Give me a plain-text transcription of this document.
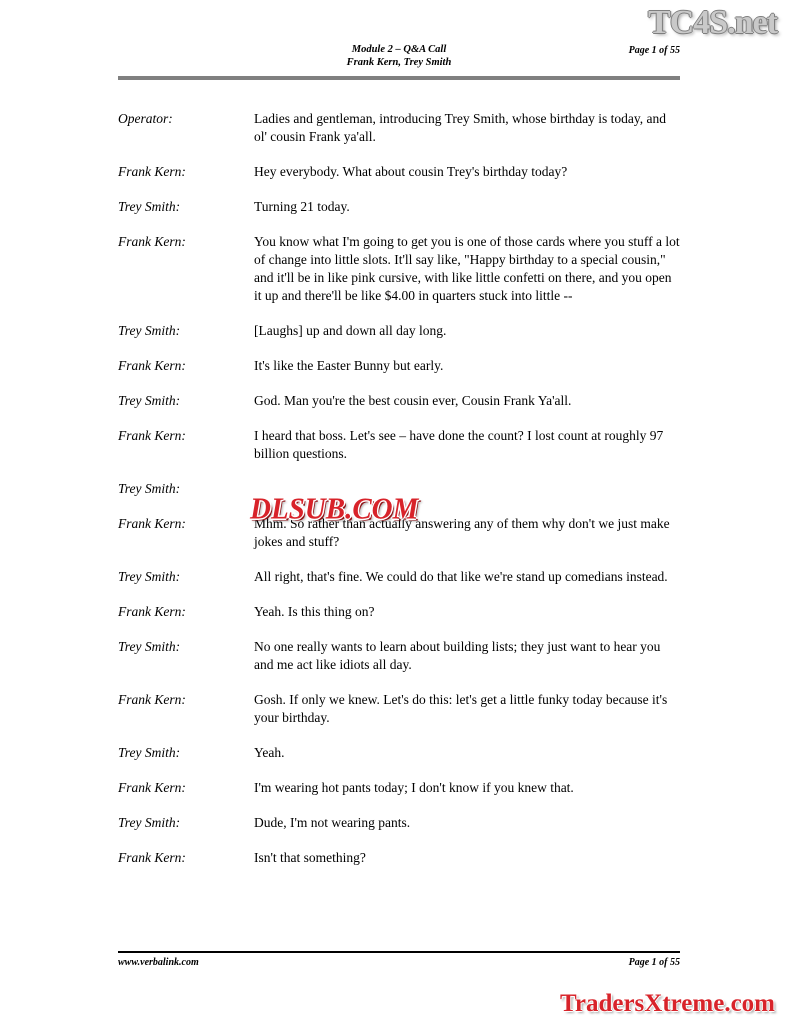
TC4S.net
Module 2 – Q&A Call
Frank Kern, Trey Smith
Page 1 of 55
Operator:	Ladies and gentleman, introducing Trey Smith, whose birthday is today, and ol' cousin Frank ya'all.
Frank Kern:	Hey everybody. What about cousin Trey's birthday today?
Trey Smith:	Turning 21 today.
Frank Kern:	You know what I'm going to get you is one of those cards where you stuff a lot of change into little slots. It'll say like, "Happy birthday to a special cousin," and it'll be in like pink cursive, with like little confetti on there, and you open it up and there'll be like $4.00 in quarters stuck into little --
Trey Smith:	[Laughs] up and down all day long.
Frank Kern:	It's like the Easter Bunny but early.
Trey Smith:	God. Man you're the best cousin ever, Cousin Frank Ya'all.
Frank Kern:	I heard that boss. Let's see – have done the count? I lost count at roughly 97 billion questions.
Trey Smith:
Frank Kern:	Mhm. So rather than actually answering any of them why don't we just make jokes and stuff?
Trey Smith:	All right, that's fine. We could do that like we're stand up comedians instead.
Frank Kern:	Yeah. Is this thing on?
Trey Smith:	No one really wants to learn about building lists; they just want to hear you and me act like idiots all day.
Frank Kern:	Gosh. If only we knew. Let's do this: let's get a little funky today because it's your birthday.
Trey Smith:	Yeah.
Frank Kern:	I'm wearing hot pants today; I don't know if you knew that.
Trey Smith:	Dude, I'm not wearing pants.
Frank Kern:	Isn't that something?
DLSUB.COM
www.verbalink.com	Page 1 of 55
TradersXtreme.com
